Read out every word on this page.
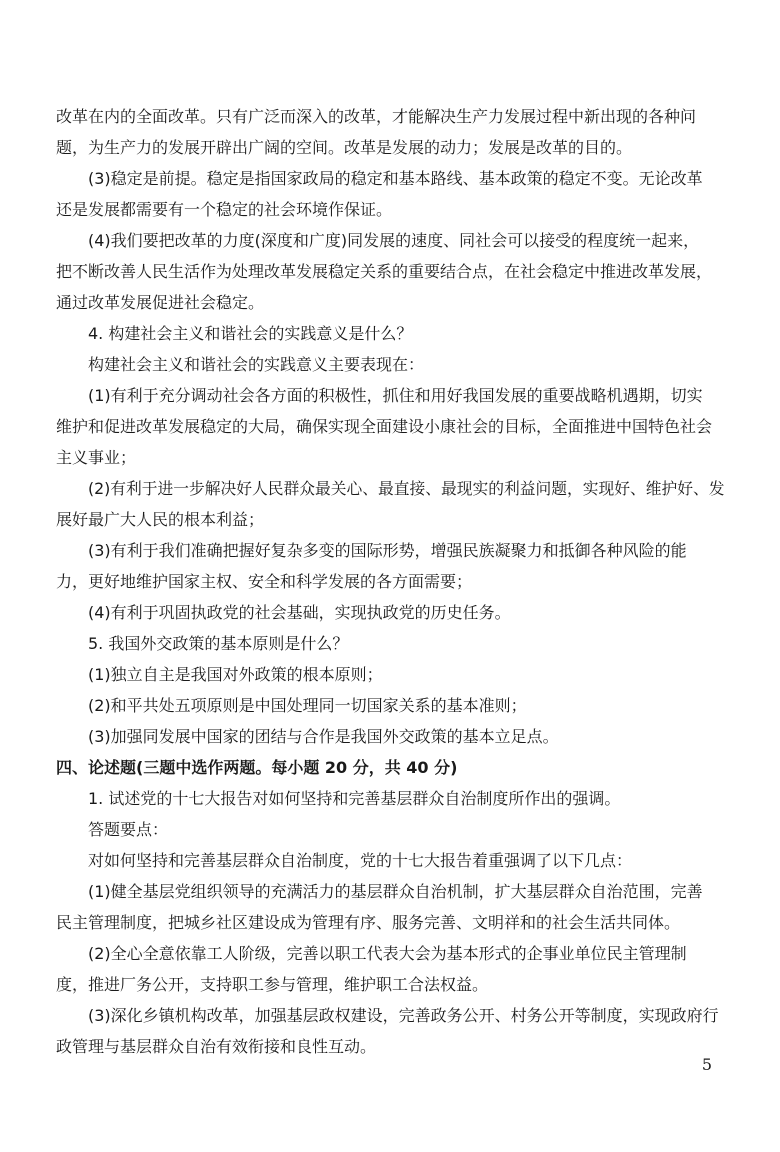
改革在内的全面改革。只有广泛而深入的改革，才能解决生产力发展过程中新出现的各种问
题，为生产力的发展开辟出广阔的空间。改革是发展的动力；发展是改革的目的。
(3)稳定是前提。稳定是指国家政局的稳定和基本路线、基本政策的稳定不变。无论改革
还是发展都需要有一个稳定的社会环境作保证。
(4)我们要把改革的力度(深度和广度)同发展的速度、同社会可以接受的程度统一起来，
把不断改善人民生活作为处理改革发展稳定关系的重要结合点，在社会稳定中推进改革发展，
通过改革发展促进社会稳定。
4. 构建社会主义和谐社会的实践意义是什么？
构建社会主义和谐社会的实践意义主要表现在：
(1)有利于充分调动社会各方面的积极性，抓住和用好我国发展的重要战略机遇期，切实
维护和促进改革发展稳定的大局，确保实现全面建设小康社会的目标，全面推进中国特色社会
主义事业；
(2)有利于进一步解决好人民群众最关心、最直接、最现实的利益问题，实现好、维护好、发
展好最广大人民的根本利益；
(3)有利于我们准确把握好复杂多变的国际形势，增强民族凝聚力和抵御各种风险的能
力，更好地维护国家主权、安全和科学发展的各方面需要；
(4)有利于巩固执政党的社会基础，实现执政党的历史任务。
5. 我国外交政策的基本原则是什么？
(1)独立自主是我国对外政策的根本原则；
(2)和平共处五项原则是中国处理同一切国家关系的基本准则；
(3)加强同发展中国家的团结与合作是我国外交政策的基本立足点。
四、论述题(三题中选作两题。每小题 20 分，共 40 分)
1. 试述党的十七大报告对如何坚持和完善基层群众自治制度所作出的强调。
答题要点：
对如何坚持和完善基层群众自治制度，党的十七大报告着重强调了以下几点：
(1)健全基层党组织领导的充满活力的基层群众自治机制，扩大基层群众自治范围，完善
民主管理制度，把城乡社区建设成为管理有序、服务完善、文明祥和的社会生活共同体。
(2)全心全意依靠工人阶级，完善以职工代表大会为基本形式的企事业单位民主管理制
度，推进厂务公开，支持职工参与管理，维护职工合法权益。
(3)深化乡镇机构改革，加强基层政权建设，完善政务公开、村务公开等制度，实现政府行
政管理与基层群众自治有效衔接和良性互动。
5
